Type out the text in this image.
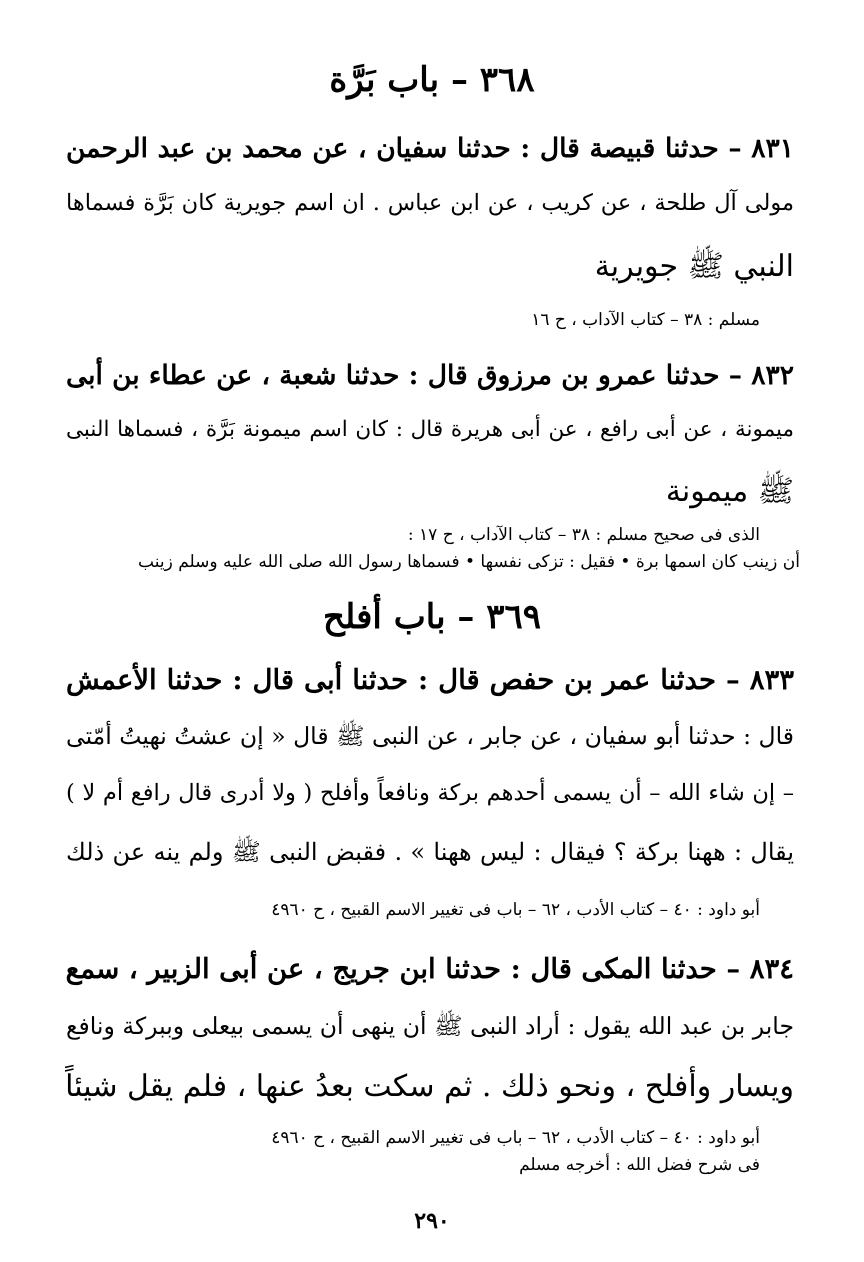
٣٦٨ – باب بَرَّة
٨٣١ – حدثنا قبيصة قال : حدثنا سفيان ، عن محمد بن عبد الرحمن
مولى آل طلحة ، عن كريب ، عن ابن عباس . ان اسم جويرية كان بَرَّة فسماها
النبي ﷺ جويرية
مسلم : ٣٨ – كتاب الآداب ، ح ١٦
٨٣٢ – حدثنا عمرو بن مرزوق قال : حدثنا شعبة ، عن عطاء بن أبى
ميمونة ، عن أبى رافع ، عن أبى هريرة قال : كان اسم ميمونة بَرَّة ، فسماها النبى
ﷺ ميمونة
الذى فى صحيح مسلم : ٣٨ – كتاب الآداب ، ح ١٧ :
أن زينب كان اسمها برة • فقيل : تزكى نفسها • فسماها رسول الله صلى الله عليه وسلم زينب
٣٦٩ – باب أفلح
٨٣٣ – حدثنا عمر بن حفص قال : حدثنا أبى قال : حدثنا الأعمش
قال : حدثنا أبو سفيان ، عن جابر ، عن النبى ﷺ قال « إن عشتُ نهيتُ أمّتى
– إن شاء الله – أن يسمى أحدهم بركة ونافعاً وأفلح ( ولا أدرى قال رافع أم لا )
يقال : ههنا بركة ؟ فيقال : ليس ههنا » . فقبض النبى ﷺ ولم ينه عن ذلك
أبو داود : ٤٠ – كتاب الأدب ، ٦٢ – باب فى تغيير الاسم القبيح ، ح ٤٩٦٠
٨٣٤ – حدثنا المكى قال : حدثنا ابن جريج ، عن أبى الزبير ، سمع
جابر بن عبد الله يقول : أراد النبى ﷺ أن ينهى أن يسمى بيعلى وببركة ونافع
ويسار وأفلح ، ونحو ذلك . ثم سكت بعدُ عنها ، فلم يقل شيئاً
أبو داود : ٤٠ – كتاب الأدب ، ٦٢ – باب فى تغيير الاسم القبيح ، ح ٤٩٦٠
فى شرح فضل الله : أخرجه مسلم
٢٩٠
